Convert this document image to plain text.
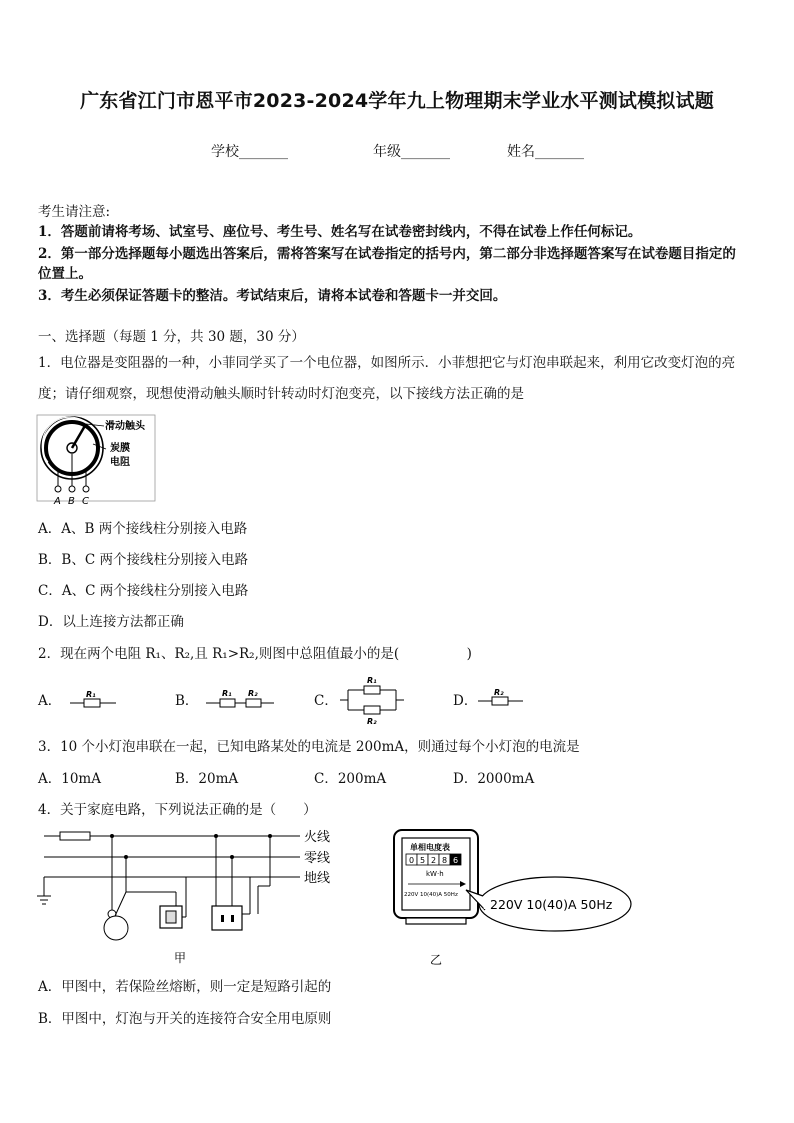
广东省江门市恩平市2023-2024学年九上物理期末学业水平测试模拟试题
学校_______	年级_______	姓名_______
考生请注意:
1．答题前请将考场、试室号、座位号、考生号、姓名写在试卷密封线内，不得在试卷上作任何标记。
2．第一部分选择题每小题选出答案后，需将答案写在试卷指定的括号内，第二部分非选择题答案写在试卷题目指定的
位置上。
3．考生必须保证答题卡的整洁。考试结束后，请将本试卷和答题卡一并交回。
一、选择题（每题 1 分，共 30 题，30 分）
1．电位器是变阻器的一种，小菲同学买了一个电位器，如图所示．小菲想把它与灯泡串联起来，利用它改变灯泡的亮
度；请仔细观察，现想使滑动触头顺时针转动时灯泡变亮，以下接线方法正确的是
滑动触头
炭膜
电阻
A B C
A．A、B 两个接线柱分别接入电路
B．B、C 两个接线柱分别接入电路
C．A、C 两个接线柱分别接入电路
D．以上连接方法都正确
2．现在两个电阻 R₁、R₂,且 R₁>R₂,则图中总阻值最小的是(　　　　　)
A．	R₁	B．	R₁ R₂	C．
R₁
R₂
D．
R₂
3．10 个小灯泡串联在一起，已知电路某处的电流是 200mA，则通过每个小灯泡的电流是
A．10mA	B．20mA	C．200mA	D．2000mA
4．关于家庭电路，下列说法正确的是（　　）
火线
零线
地线
甲
单相电度表
0 5 2 8 6
kW·h
220V 10(40)A 50Hz
220V 10(40)A 50Hz
乙
A．甲图中，若保险丝熔断，则一定是短路引起的
B．甲图中，灯泡与开关的连接符合安全用电原则
